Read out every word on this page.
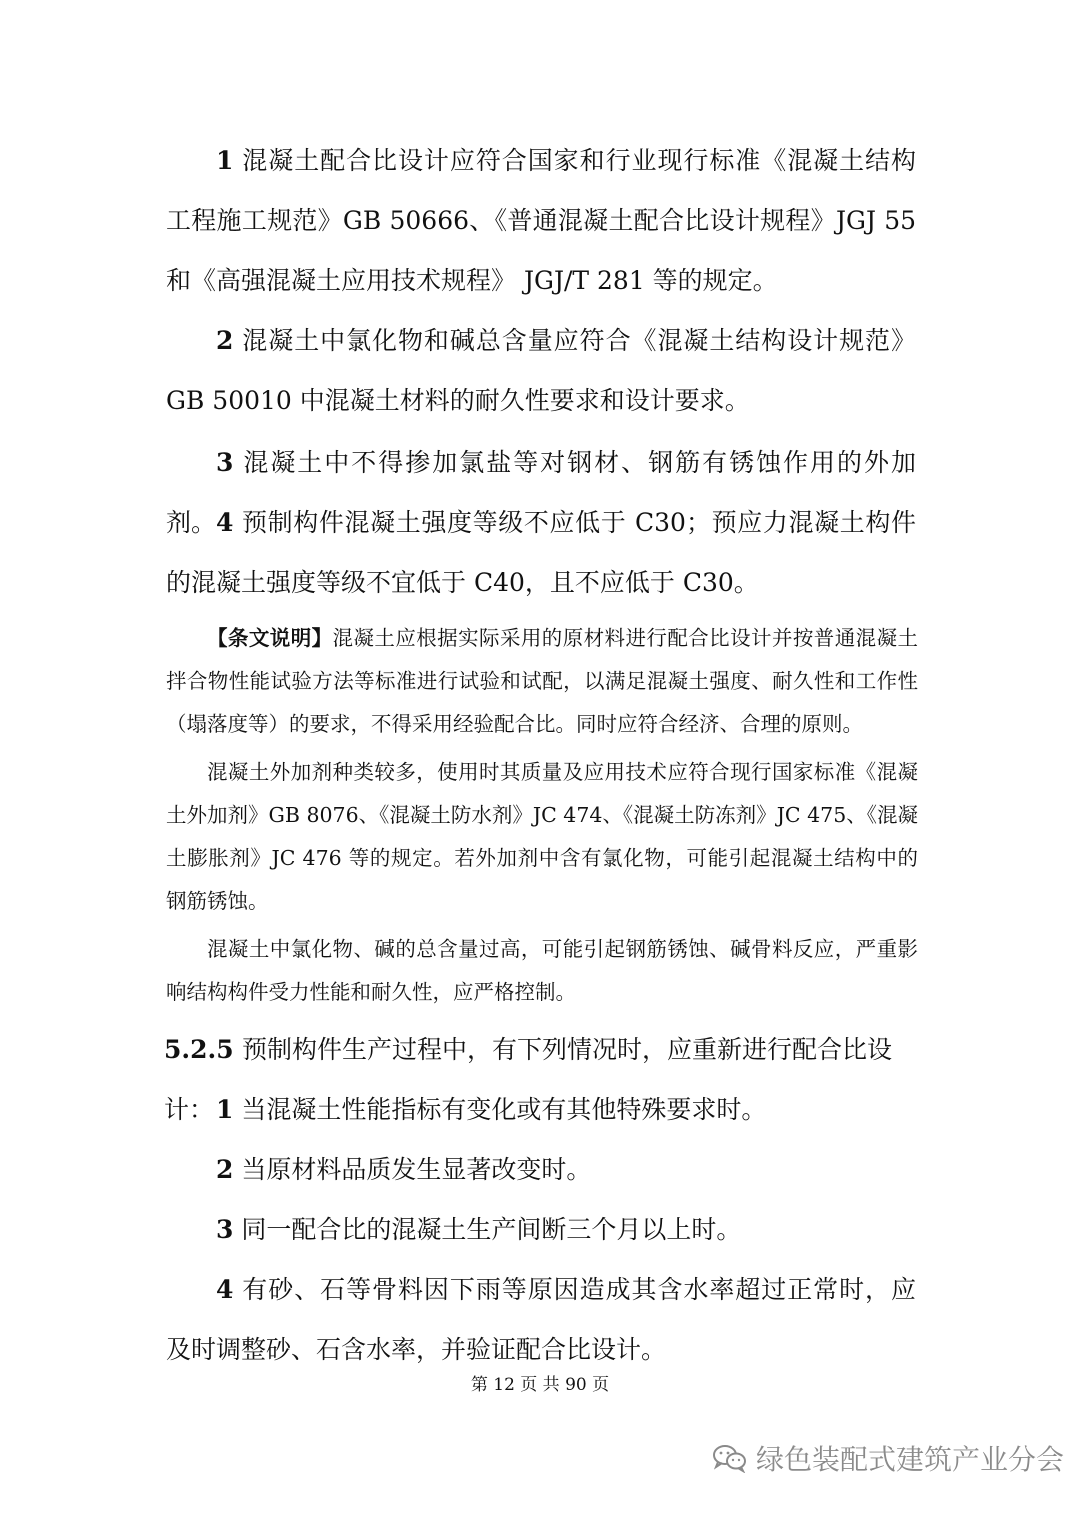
1 混凝土配合比设计应符合国家和行业现行标准《混凝土结构工程施工规范》GB 50666、《普通混凝土配合比设计规程》JGJ 55 和《高强混凝土应用技术规程》 JGJ/T 281 等的规定。
2 混凝土中氯化物和碱总含量应符合《混凝土结构设计规范》GB 50010 中混凝土材料的耐久性要求和设计要求。
3 混凝土中不得掺加氯盐等对钢材、钢筋有锈蚀作用的外加剂。 4 预制构件混凝土强度等级不应低于 C30；预应力混凝土构件的混凝土强度等级不宜低于 C40，且不应低于 C30。
【条文说明】混凝土应根据实际采用的原材料进行配合比设计并按普通混凝土拌合物性能试验方法等标准进行试验和试配，以满足混凝土强度、耐久性和工作性（塌落度等）的要求，不得采用经验配合比。同时应符合经济、合理的原则。
混凝土外加剂种类较多，使用时其质量及应用技术应符合现行国家标准《混凝土外加剂》GB 8076、《混凝土防水剂》JC 474、《混凝土防冻剂》JC 475、《混凝土膨胀剂》JC 476 等的规定。若外加剂中含有氯化物，可能引起混凝土结构中的钢筋锈蚀。
混凝土中氯化物、碱的总含量过高，可能引起钢筋锈蚀、碱骨料反应，严重影响结构构件受力性能和耐久性，应严格控制。
5.2.5 预制构件生产过程中，有下列情况时，应重新进行配合比设计： 1 当混凝土性能指标有变化或有其他特殊要求时。
2 当原材料品质发生显著改变时。
3 同一配合比的混凝土生产间断三个月以上时。
4 有砂、石等骨料因下雨等原因造成其含水率超过正常时，应及时调整砂、石含水率，并验证配合比设计。
第 12 页 共 90 页
绿色装配式建筑产业分会
